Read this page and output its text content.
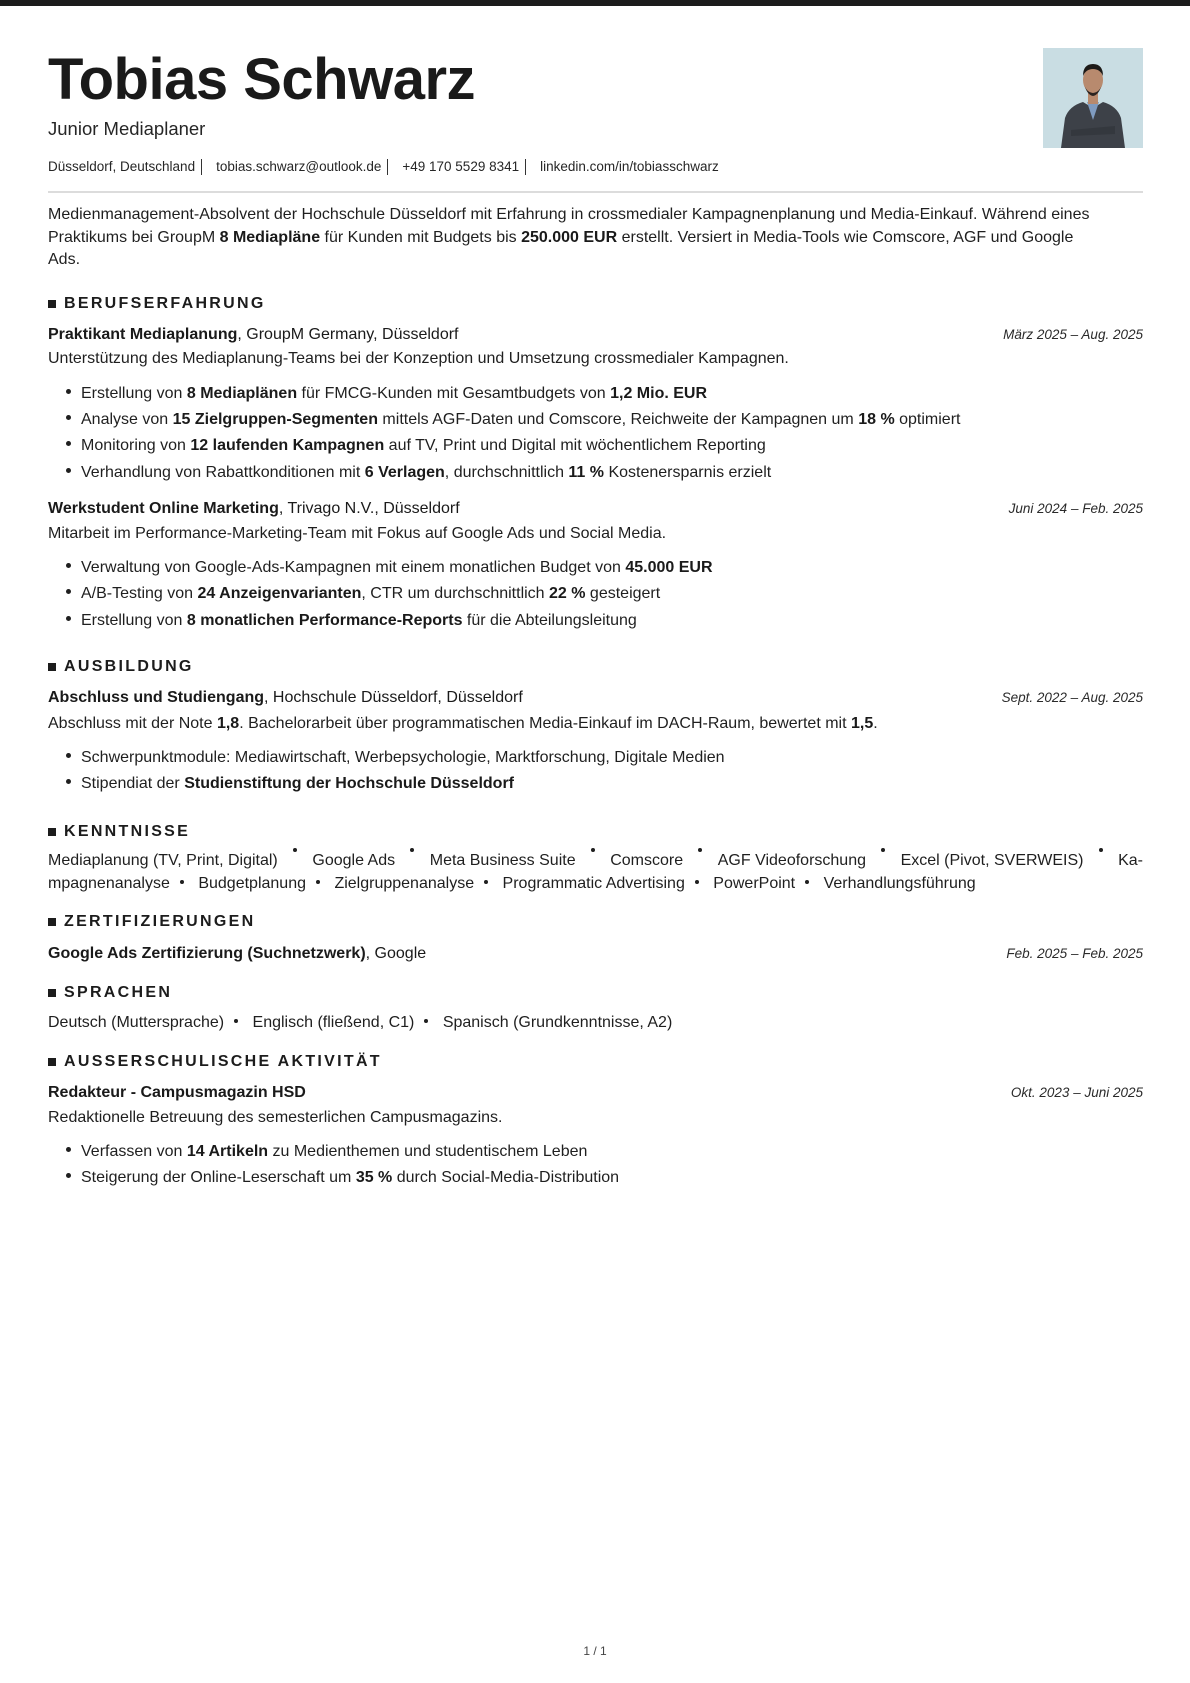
Tobias Schwarz
Junior Mediaplaner
Düsseldorf, Deutschland tobias.schwarz@outlook.de +49 170 5529 8341 linkedin.com/in/tobiasschwarz
Medienmanagement-Absolvent der Hochschule Düsseldorf mit Erfahrung in crossmedialer Kampagnenplanung und Media-Einkauf. Während eines
Praktikums bei GroupM 8 Mediapläne für Kunden mit Budgets bis 250.000 EUR erstellt. Versiert in Media-Tools wie Comscore, AGF und Google
Ads.
BERUFSERFAHRUNG
Praktikant Mediaplanung, GroupM Germany, Düsseldorf	März 2025 – Aug. 2025
Unterstützung des Mediaplanung-Teams bei der Konzeption und Umsetzung crossmedialer Kampagnen.
Erstellung von 8 Mediaplänen für FMCG-Kunden mit Gesamtbudgets von 1,2 Mio. EUR
Analyse von 15 Zielgruppen-Segmenten mittels AGF-Daten und Comscore, Reichweite der Kampagnen um 18 % optimiert
Monitoring von 12 laufenden Kampagnen auf TV, Print und Digital mit wöchentlichem Reporting
Verhandlung von Rabattkonditionen mit 6 Verlagen, durchschnittlich 11 % Kostenersparnis erzielt
Werkstudent Online Marketing, Trivago N.V., Düsseldorf	Juni 2024 – Feb. 2025
Mitarbeit im Performance-Marketing-Team mit Fokus auf Google Ads und Social Media.
Verwaltung von Google-Ads-Kampagnen mit einem monatlichen Budget von 45.000 EUR
A/B-Testing von 24 Anzeigenvarianten, CTR um durchschnittlich 22 % gesteigert
Erstellung von 8 monatlichen Performance-Reports für die Abteilungsleitung
AUSBILDUNG
Abschluss und Studiengang, Hochschule Düsseldorf, Düsseldorf	Sept. 2022 – Aug. 2025
Abschluss mit der Note 1,8. Bachelorarbeit über programmatischen Media-Einkauf im DACH-Raum, bewertet mit 1,5.
Schwerpunktmodule: Mediawirtschaft, Werbepsychologie, Marktforschung, Digitale Medien
Stipendiat der Studienstiftung der Hochschule Düsseldorf
KENNTNISSE
Mediaplanung (TV, Print, Digital) Google Ads Meta Business Suite Comscore AGF Videoforschung Excel (Pivot, SVERWEIS) Ka-
mpagnenanalyse Budgetplanung Zielgruppenanalyse Programmatic Advertising PowerPoint Verhandlungsführung
ZERTIFIZIERUNGEN
Google Ads Zertifizierung (Suchnetzwerk), Google	Feb. 2025 – Feb. 2025
SPRACHEN
Deutsch (Muttersprache) Englisch (fließend, C1) Spanisch (Grundkenntnisse, A2)
AUSSERSCHULISCHE AKTIVITÄT
Redakteur - Campusmagazin HSD	Okt. 2023 – Juni 2025
Redaktionelle Betreuung des semesterlichen Campusmagazins.
Verfassen von 14 Artikeln zu Medienthemen und studentischem Leben
Steigerung der Online-Leserschaft um 35 % durch Social-Media-Distribution
1 / 1
